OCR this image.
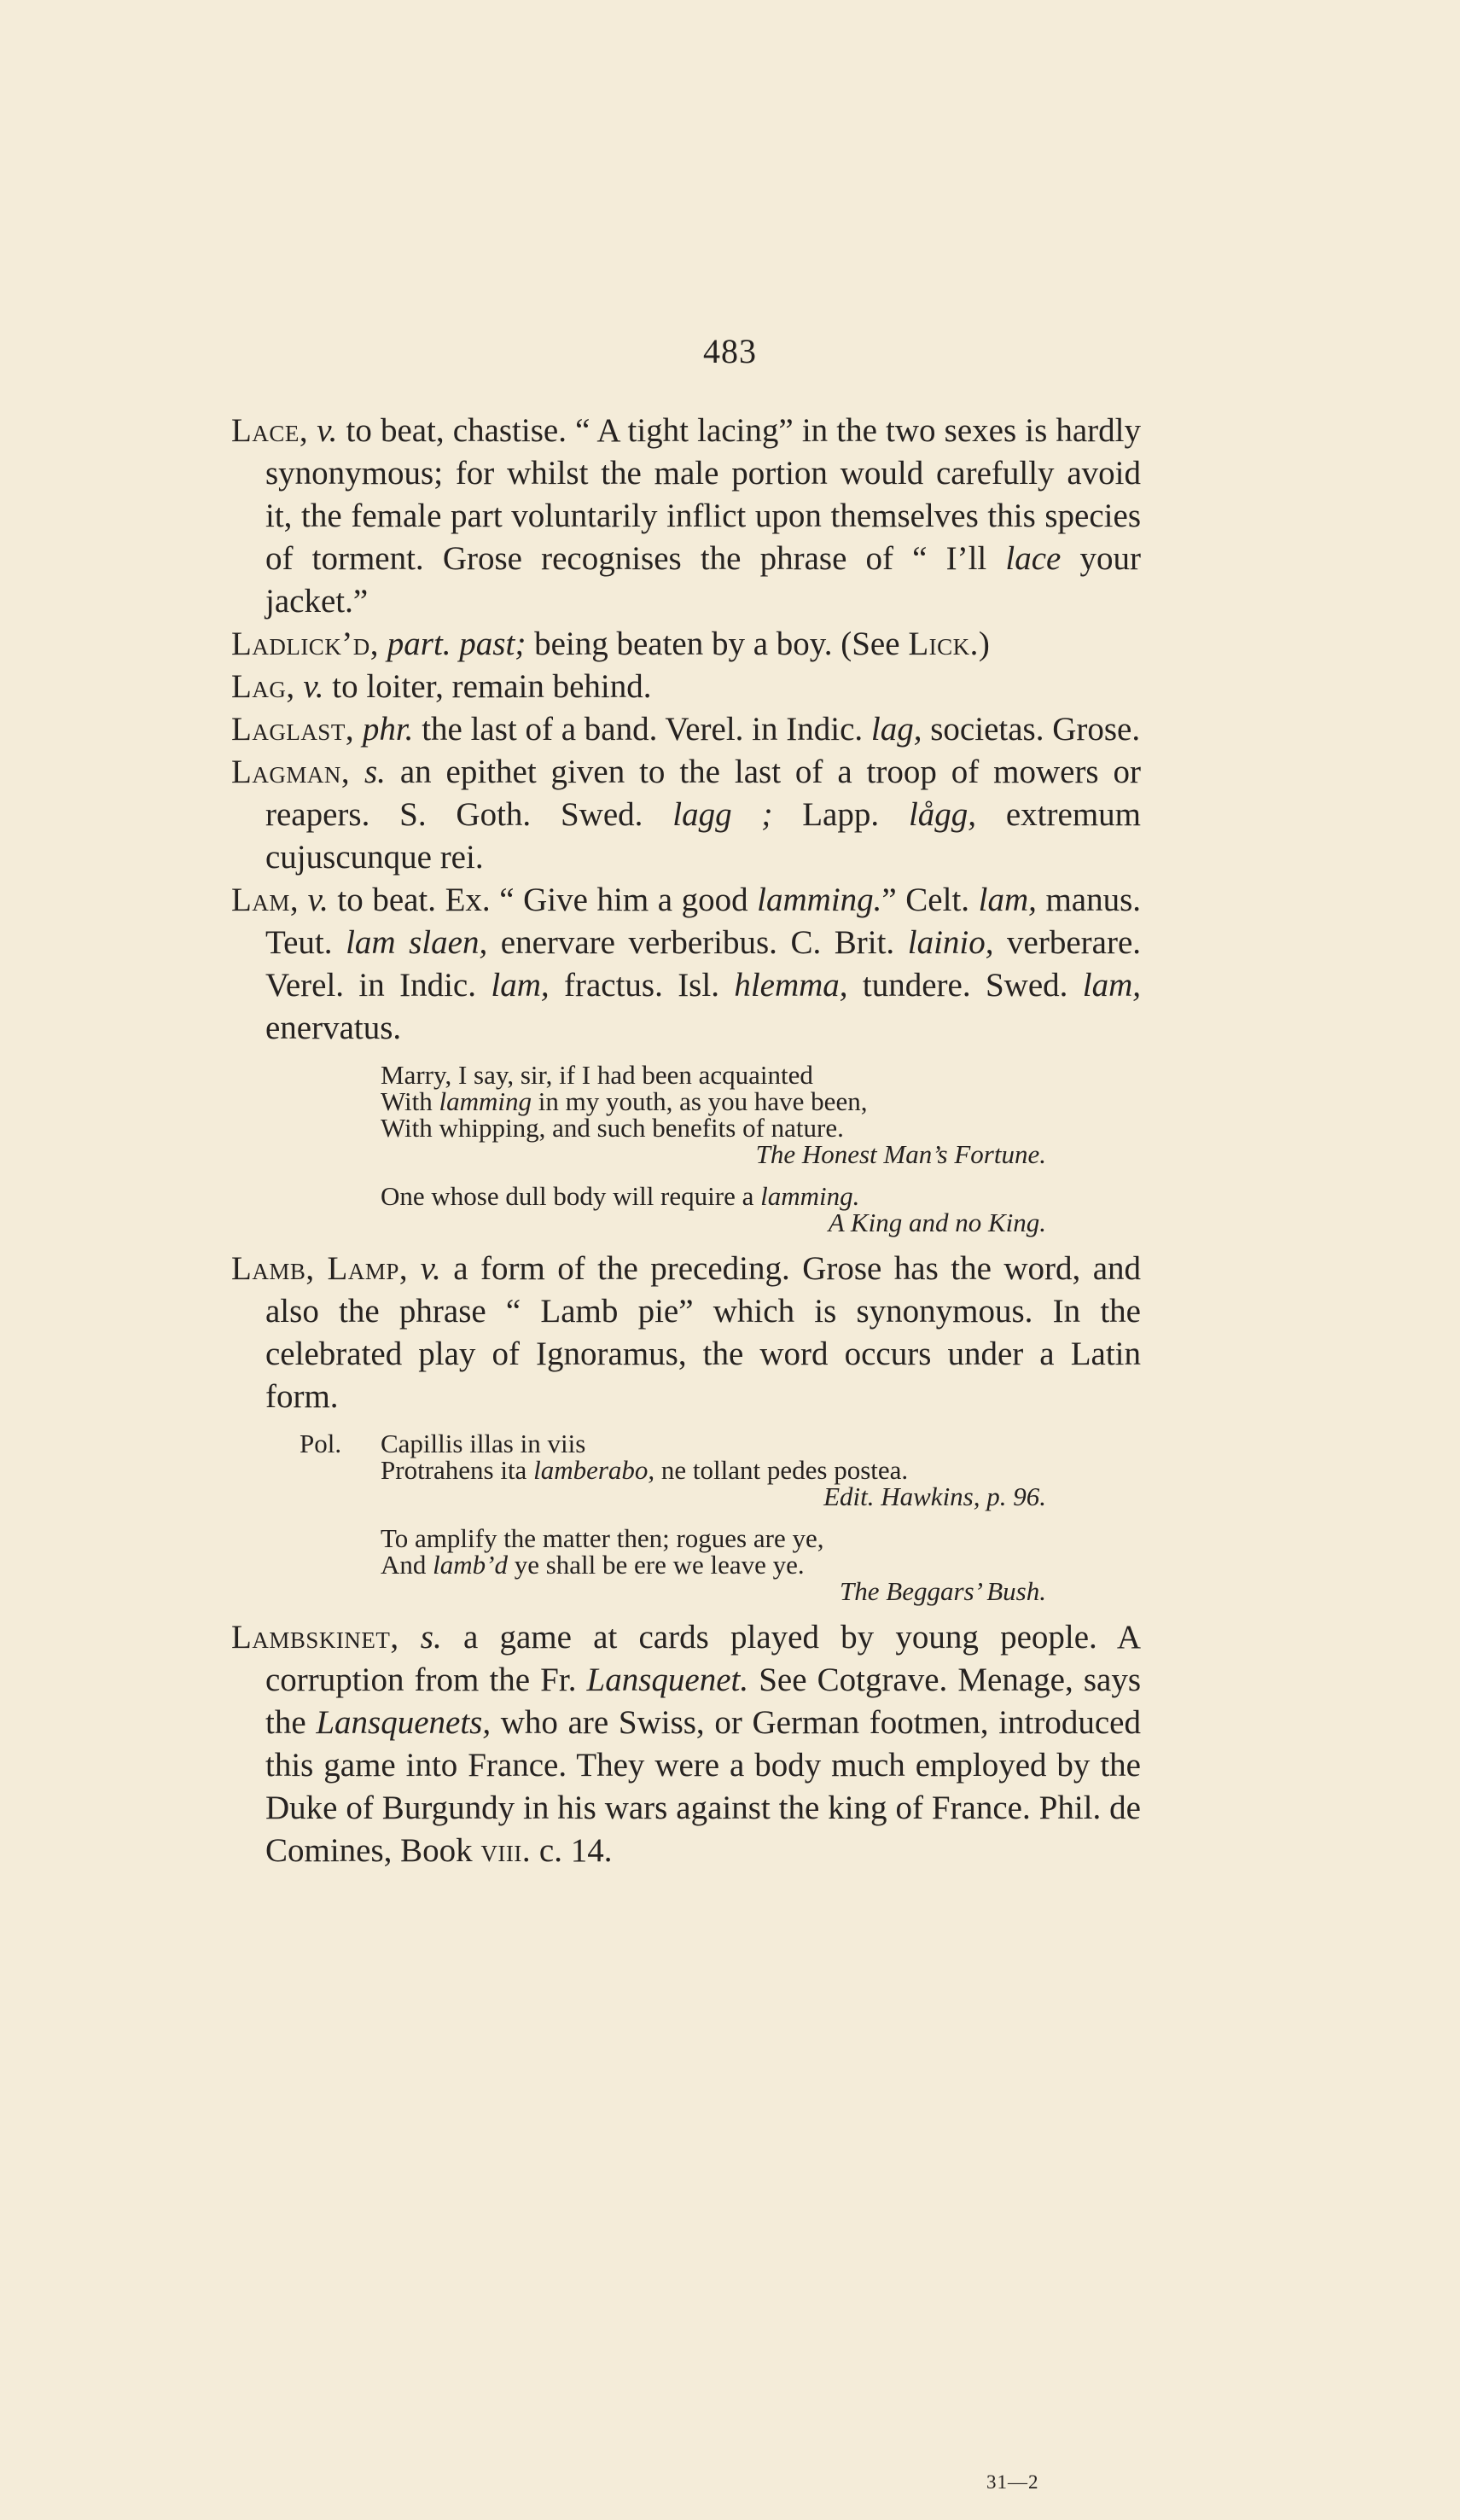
483

Lace, v. to beat, chastise. “ A tight lacing” in the two sexes is hardly synonymous; for whilst the male portion would carefully avoid it, the female part voluntarily inflict upon themselves this species of torment. Grose recognises the phrase of “ I’ll lace your jacket.”

Ladlick’d, part. past; being beaten by a boy. (See Lick.)

Lag, v. to loiter, remain behind.

Laglast, phr. the last of a band. Verel. in Indic. lag, societas. Grose.

Lagman, s. an epithet given to the last of a troop of mowers or reapers. S. Goth. Swed. lagg ; Lapp. lågg, extremum cujuscunque rei.

Lam, v. to beat. Ex. “ Give him a good lamming.” Celt. lam, manus. Teut. lam slaen, enervare verberibus. C. Brit. lainio, verberare. Verel. in Indic. lam, fractus. Isl. hlemma, tundere. Swed. lam, enervatus.

Marry, I say, sir, if I had been acquainted
With lamming in my youth, as you have been,
With whipping, and such benefits of nature.
The Honest Man’s Fortune.
One whose dull body will require a lamming.
A King and no King.

Lamb, Lamp, v. a form of the preceding. Grose has the word, and also the phrase “ Lamb pie” which is synonymous. In the celebrated play of Ignoramus, the word occurs under a Latin form.

Pol. Capillis illas in viis
Protrahens ita lamberabo, ne tollant pedes postea.
Edit. Hawkins, p. 96.
To amplify the matter then; rogues are ye,
And lamb’d ye shall be ere we leave ye.
The Beggars’ Bush.

Lambskinet, s. a game at cards played by young people. A corruption from the Fr. Lansquenet. See Cotgrave. Menage, says the Lansquenets, who are Swiss, or German footmen, introduced this game into France. They were a body much employed by the Duke of Burgundy in his wars against the king of France. Phil. de Comines, Book viii. c. 14.

31—2
